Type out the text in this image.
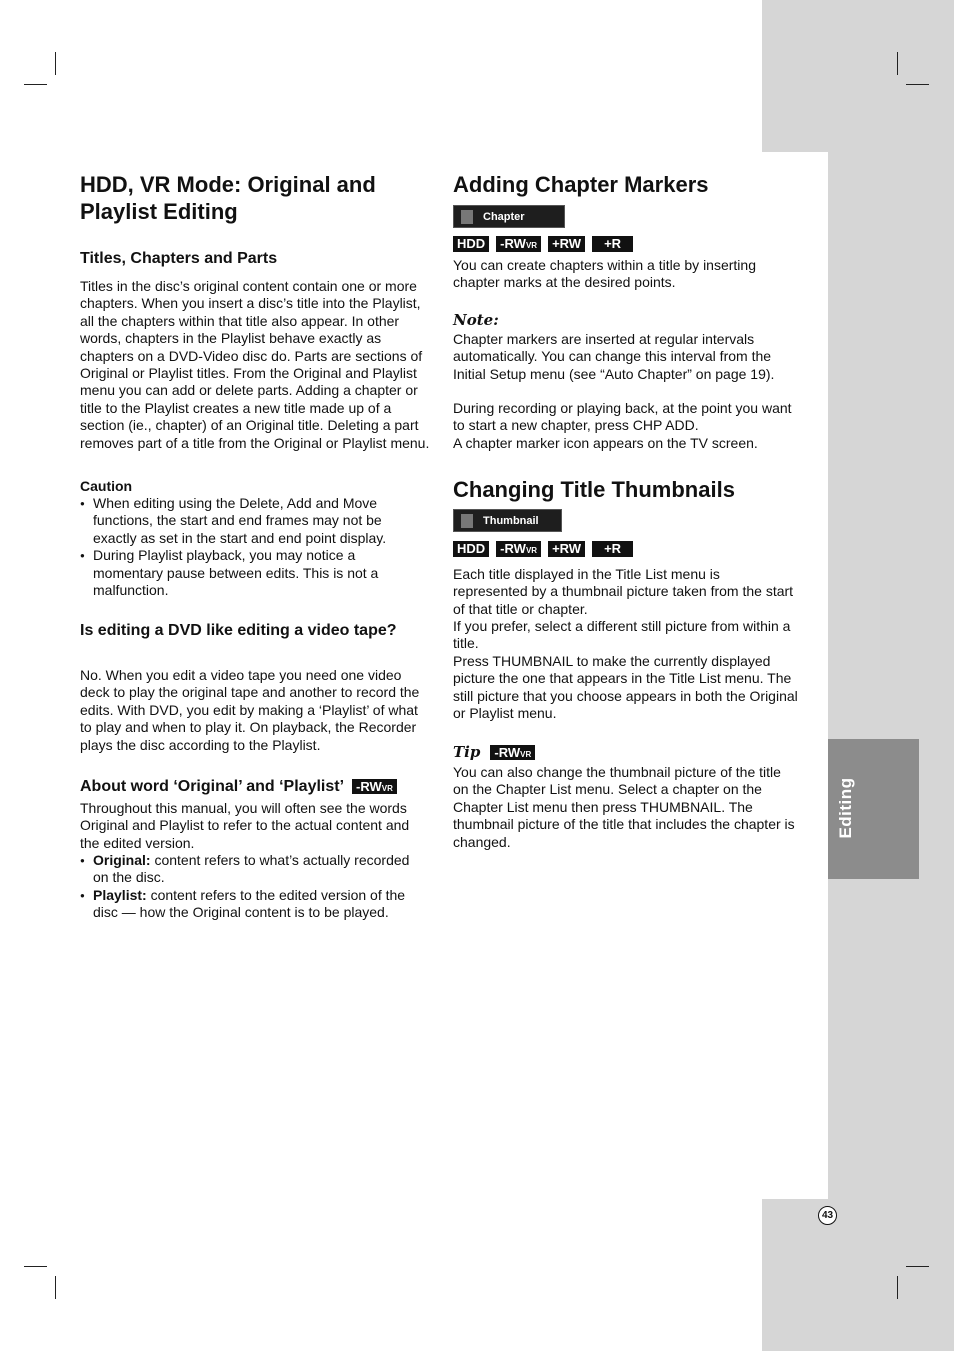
Editing
43
HDD, VR Mode: Original and Playlist Editing
Titles, Chapters and Parts

Titles in the disc’s original content contain one or more chapters. When you insert a disc’s title into the Playlist, all the chapters within that title also appear. In other words, chapters in the Playlist behave exactly as chapters on a DVD-Video disc do. Parts are sections of Original or Playlist titles. From the Original and Playlist menu you can add or delete parts. Adding a chapter or title to the Playlist creates a new title made up of a section (ie., chapter) of an Original title. Deleting a part removes part of a title from the Original or Playlist menu.

Caution
● When editing using the Delete, Add and Move functions, the start and end frames may not be exactly as set in the start and end point display.
● During Playlist playback, you may notice a momentary pause between edits. This is not a malfunction.
Is editing a DVD like editing a video tape?

No. When you edit a video tape you need one video deck to play the original tape and another to record the edits. With DVD, you edit by making a ‘Playlist’ of what to play and when to play it. On playback, the Recorder plays the disc according to the Playlist.

About word ‘Original’ and ‘Playlist’ -RWVR

Throughout this manual, you will often see the words Original and Playlist to refer to the actual content and the edited version.

● Original: content refers to what’s actually recorded on the disc.
● Playlist: content refers to the edited version of the disc — how the Original content is to be played.
Adding Chapter Markers
Chapter
HDD	-RWVR	+RW	+R

You can create chapters within a title by inserting chapter marks at the desired points.

Note:

Chapter markers are inserted at regular intervals automatically. You can change this interval from the Initial Setup menu (see “Auto Chapter” on page 19).

During recording or playing back, at the point you want to start a new chapter, press CHP ADD.

A chapter marker icon appears on the TV screen.

Changing Title Thumbnails
Thumbnail
HDD	-RWVR	+RW	+R

Each title displayed in the Title List menu is represented by a thumbnail picture taken from the start of that title or chapter.

If you prefer, select a different still picture from within a title.

Press THUMBNAIL to make the currently displayed picture the one that appears in the Title List menu. The still picture that you choose appears in both the Original or Playlist menu.

Tip	-RWVR

You can also change the thumbnail picture of the title on the Chapter List menu. Select a chapter on the Chapter List menu then press THUMBNAIL. The thumbnail picture of the title that includes the chapter is changed.
